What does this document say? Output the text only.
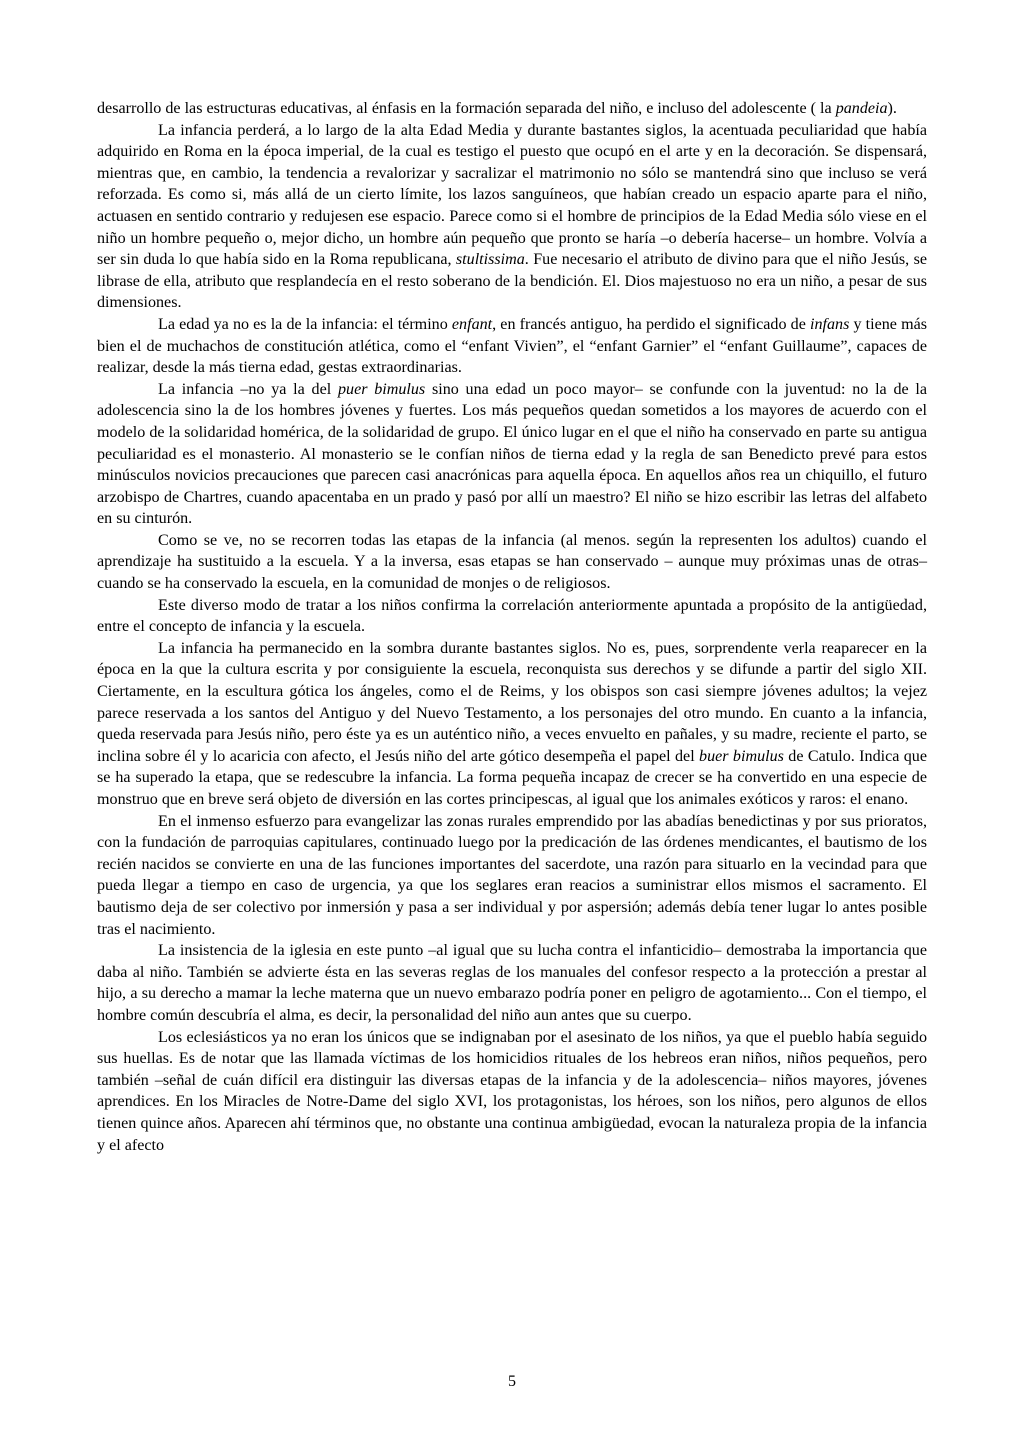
desarrollo de las estructuras educativas, al énfasis en la formación separada del niño, e incluso del adolescente ( la pandeia).

La infancia perderá, a lo largo de la alta Edad Media y durante bastantes siglos, la acentuada peculiaridad que había adquirido en Roma en la época imperial, de la cual es testigo el puesto que ocupó en el arte y en la decoración. Se dispensará, mientras que, en cambio, la tendencia a revalorizar y sacralizar el matrimonio no sólo se mantendrá sino que incluso se verá reforzada. Es como si, más allá de un cierto límite, los lazos sanguíneos, que habían creado un espacio aparte para el niño, actuasen en sentido contrario y redujesen ese espacio. Parece como si el hombre de principios de la Edad Media sólo viese en el niño un hombre pequeño o, mejor dicho, un hombre aún pequeño que pronto se haría –o debería hacerse– un hombre. Volvía a ser sin duda lo que había sido en la Roma republicana, stultissima. Fue necesario el atributo de divino para que el niño Jesús, se librase de ella, atributo que resplandecía en el resto soberano de la bendición. El. Dios majestuoso no era un niño, a pesar de sus dimensiones.

La edad ya no es la de la infancia: el término enfant, en francés antiguo, ha perdido el significado de infans y tiene más bien el de muchachos de constitución atlética, como el “enfant Vivien”, el “enfant Garnier” el “enfant Guillaume”, capaces de realizar, desde la más tierna edad, gestas extraordinarias.

La infancia –no ya la del puer bimulus sino una edad un poco mayor– se confunde con la juventud: no la de la adolescencia sino la de los hombres jóvenes y fuertes. Los más pequeños quedan sometidos a los mayores de acuerdo con el modelo de la solidaridad homérica, de la solidaridad de grupo. El único lugar en el que el niño ha conservado en parte su antigua peculiaridad es el monasterio. Al monasterio se le confían niños de tierna edad y la regla de san Benedicto prevé para estos minúsculos novicios precauciones que parecen casi anacrónicas para aquella época. En aquellos años rea un chiquillo, el futuro arzobispo de Chartres, cuando apacentaba en un prado y pasó por allí un maestro? El niño se hizo escribir las letras del alfabeto en su cinturón.

Como se ve, no se recorren todas las etapas de la infancia (al menos. según la representen los adultos) cuando el aprendizaje ha sustituido a la escuela. Y a la inversa, esas etapas se han conservado – aunque muy próximas unas de otras– cuando se ha conservado la escuela, en la comunidad de monjes o de religiosos.

Este diverso modo de tratar a los niños confirma la correlación anteriormente apuntada a propósito de la antigüedad, entre el concepto de infancia y la escuela.

La infancia ha permanecido en la sombra durante bastantes siglos. No es, pues, sorprendente verla reaparecer en la época en la que la cultura escrita y por consiguiente la escuela, reconquista sus derechos y se difunde a partir del siglo XII. Ciertamente, en la escultura gótica los ángeles, como el de Reims, y los obispos son casi siempre jóvenes adultos; la vejez parece reservada a los santos del Antiguo y del Nuevo Testamento, a los personajes del otro mundo. En cuanto a la infancia, queda reservada para Jesús niño, pero éste ya es un auténtico niño, a veces envuelto en pañales, y su madre, reciente el parto, se inclina sobre él y lo acaricia con afecto, el Jesús niño del arte gótico desempeña el papel del buer bimulus de Catulo. Indica que se ha superado la etapa, que se redescubre la infancia. La forma pequeña incapaz de crecer se ha convertido en una especie de monstruo que en breve será objeto de diversión en las cortes principescas, al igual que los animales exóticos y raros: el enano.

En el inmenso esfuerzo para evangelizar las zonas rurales emprendido por las abadías benedictinas y por sus prioratos, con la fundación de parroquias capitulares, continuado luego por la predicación de las órdenes mendicantes, el bautismo de los recién nacidos se convierte en una de las funciones importantes del sacerdote, una razón para situarlo en la vecindad para que pueda llegar a tiempo en caso de urgencia, ya que los seglares eran reacios a suministrar ellos mismos el sacramento. El bautismo deja de ser colectivo por inmersión y pasa a ser individual y por aspersión; además debía tener lugar lo antes posible tras el nacimiento.

La insistencia de la iglesia en este punto –al igual que su lucha contra el infanticidio– demostraba la importancia que daba al niño. También se advierte ésta en las severas reglas de los manuales del confesor respecto a la protección a prestar al hijo, a su derecho a mamar la leche materna que un nuevo embarazo podría poner en peligro de agotamiento... Con el tiempo, el hombre común descubría el alma, es decir, la personalidad del niño aun antes que su cuerpo.

Los eclesiásticos ya no eran los únicos que se indignaban por el asesinato de los niños, ya que el pueblo había seguido sus huellas. Es de notar que las llamada víctimas de los homicidios rituales de los hebreos eran niños, niños pequeños, pero también –señal de cuán difícil era distinguir las diversas etapas de la infancia y de la adolescencia– niños mayores, jóvenes aprendices. En los Miracles de Notre-Dame del siglo XVI, los protagonistas, los héroes, son los niños, pero algunos de ellos tienen quince años. Aparecen ahí términos que, no obstante una continua ambigüedad, evocan la naturaleza propia de la infancia y el afecto

5
